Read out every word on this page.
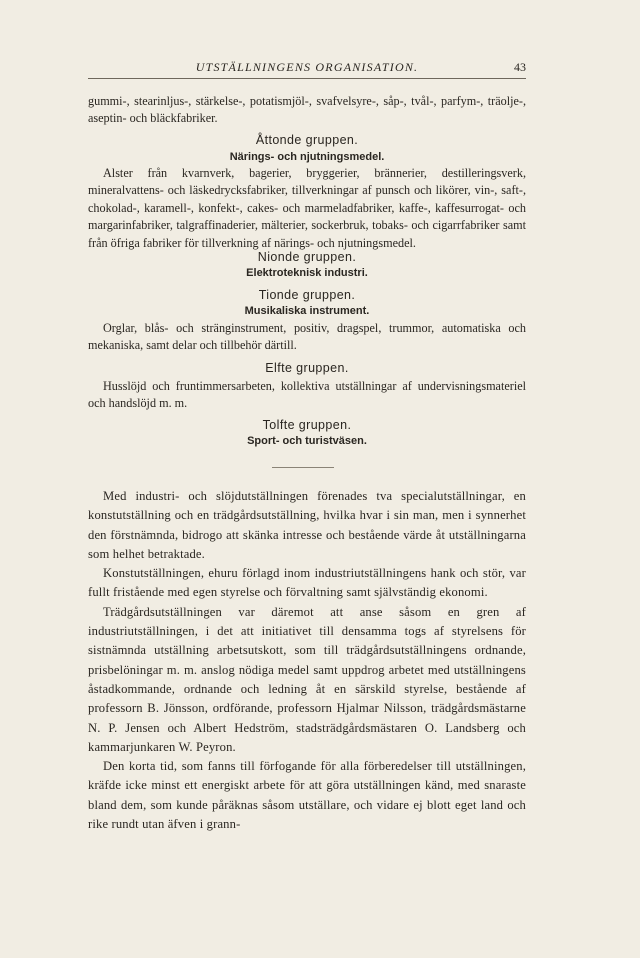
UTSTÄLLNINGENS ORGANISATION.	43

gummi-, stearinljus-, stärkelse-, potatismjöl-, svafvelsyre-, såp-, tvål-, parfym-, träolje-, aseptin- och bläckfabriker.

Åttonde gruppen.
Närings- och njutningsmedel.

Alster från kvarnverk, bagerier, bryggerier, brännerier, destilleringsverk, mineralvattens- och läskedrycksfabriker, tillverkningar af punsch och likörer, vin-, saft-, chokolad-, karamell-, konfekt-, cakes- och marmeladfabriker, kaffe-, kaffesurrogat- och margarinfabriker, talgraffinaderier, mälterier, sockerbruk, tobaks- och cigarrfabriker samt från öfriga fabriker för tillverkning af närings- och njutningsmedel.

Nionde gruppen.
Elektroteknisk industri.
Tionde gruppen.
Musikaliska instrument.

Orglar, blås- och stränginstrument, positiv, dragspel, trummor, automatiska och mekaniska, samt delar och tillbehör därtill.

Elfte gruppen.

Husslöjd och fruntimmersarbeten, kollektiva utställningar af undervisningsmateriel och handslöjd m. m.

Tolfte gruppen.
Sport- och turistväsen.

Med industri- och slöjdutställningen förenades tva specialutställningar, en konstutställning och en trädgårdsutställning, hvilka hvar i sin man, men i synnerhet den förstnämnda, bidrogo att skänka intresse och bestående värde åt utställningarna som helhet betraktade.

Konstutställningen, ehuru förlagd inom industriutställningens hank och stör, var fullt fristående med egen styrelse och förvaltning samt självständig ekonomi.

Trädgårdsutställningen var däremot att anse såsom en gren af industriutställningen, i det att initiativet till densamma togs af styrelsens för sistnämnda utställning arbetsutskott, som till trädgårdsutställningens ordnande, prisbelöningar m. m. anslog nödiga medel samt uppdrog arbetet med utställningens åstadkommande, ordnande och ledning åt en särskild styrelse, bestående af professorn B. Jönsson, ordförande, professorn Hjalmar Nilsson, trädgårdsmästarne N. P. Jensen och Albert Hedström, stadsträdgårdsmästaren O. Landsberg och kammarjunkaren W. Peyron.

Den korta tid, som fanns till förfogande för alla förberedelser till utställningen, kräfde icke minst ett energiskt arbete för att göra utställningen känd, med snaraste bland dem, som kunde påräknas såsom utställare, och vidare ej blott eget land och rike rundt utan äfven i grann-
